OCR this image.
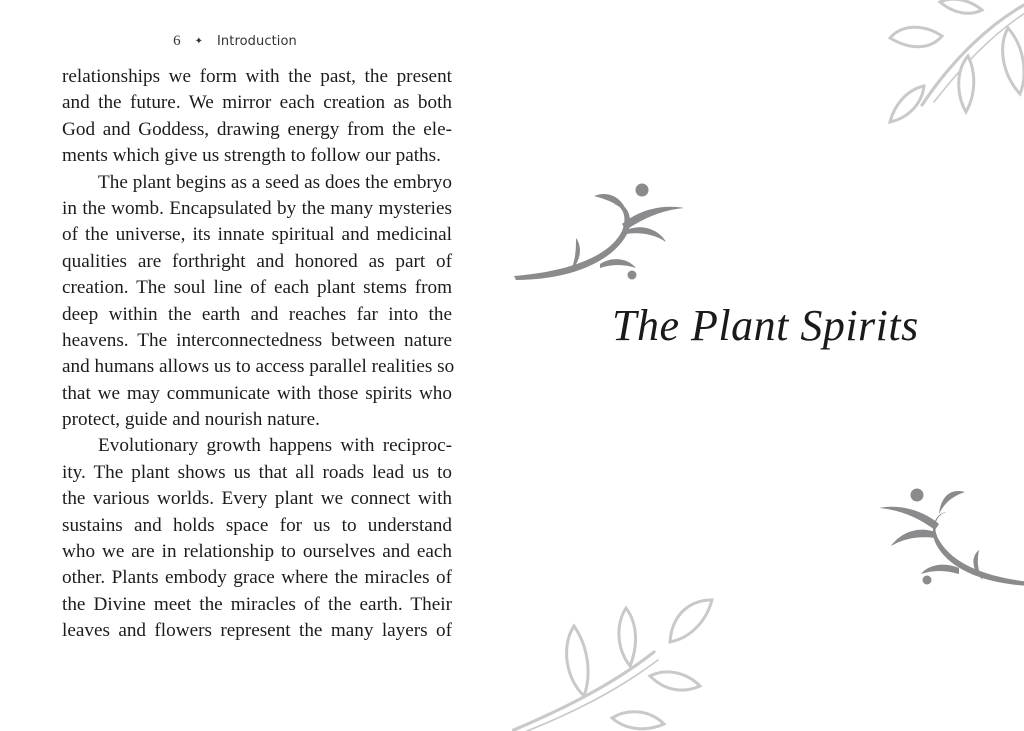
6 ✦ Introduction
relationships we form with the past, the present
and the future. We mirror each creation as both
God and Goddess, drawing energy from the ele-
ments which give us strength to follow our paths.
The plant begins as a seed as does the embryo
in the womb. Encapsulated by the many mysteries
of the universe, its innate spiritual and medicinal
qualities are forthright and honored as part of
creation. The soul line of each plant stems from
deep within the earth and reaches far into the
heavens. The interconnectedness between nature
and humans allows us to access parallel realities so
that we may communicate with those spirits who
protect, guide and nourish nature.
Evolutionary growth happens with reciproc-
ity. The plant shows us that all roads lead us to
the various worlds. Every plant we connect with
sustains and holds space for us to understand
who we are in relationship to ourselves and each
other. Plants embody grace where the miracles of
the Divine meet the miracles of the earth. Their
leaves and flowers represent the many layers of
The Plant Spirits
